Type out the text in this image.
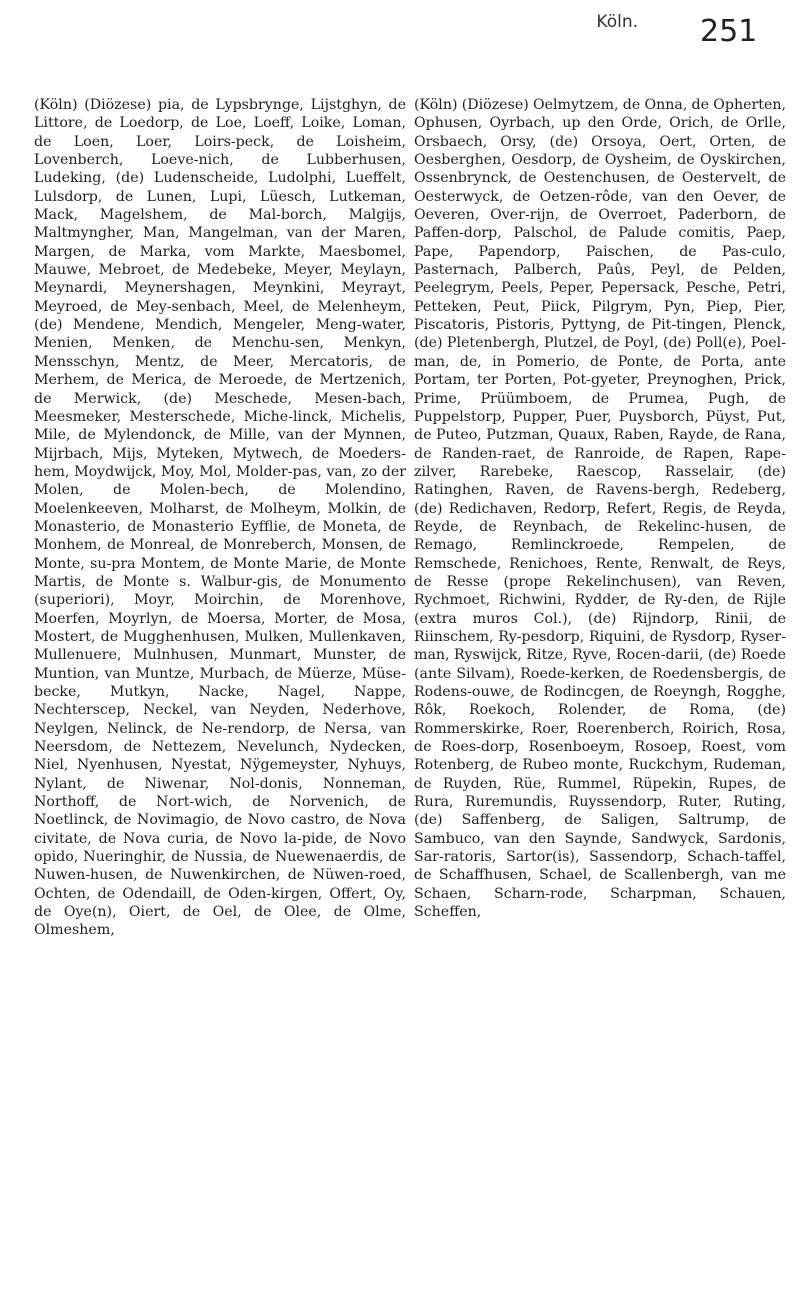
Köln. 251

(Köln) (Diözese) pia, de Lypsbrynge, Lijstghyn, de Littore, de Loedorp, de Loe, Loeff, Loike, Loman, de Loen, Loer, Loirs-peck, de Loisheim, Lovenberch, Loeve-nich, de Lubberhusen, Ludeking, (de) Ludenscheide, Ludolphi, Lueffelt, Lulsdorp, de Lunen, Lupi, Lüesch, Lutkeman, Mack, Magelshem, de Mal-borch, Malgijs, Maltmyngher, Man, Mangelman, van der Maren, Margen, de Marka, vom Markte, Maesbomel, Mauwe, Mebroet, de Medebeke, Meyer, Meylayn, Meynardi, Meynershagen, Meynkini, Meyrayt, Meyroed, de Mey-senbach, Meel, de Melenheym, (de) Mendene, Mendich, Mengeler, Meng-water, Menien, Menken, de Menchu-sen, Menkyn, Mensschyn, Mentz, de Meer, Mercatoris, de Merhem, de Merica, de Meroede, de Mertzenich, de Merwick, (de) Meschede, Mesen-bach, Meesmeker, Mesterschede, Miche-linck, Michelis, Mile, de Mylendonck, de Mille, van der Mynnen, Mijrbach, Mijs, Myteken, Mytwech, de Moeders-hem, Moydwijck, Moy, Mol, Molder-pas, van, zo der Molen, de Molen-bech, de Molendino, Moelenkeeven, Molharst, de Molheym, Molkin, de Monasterio, de Monasterio Eyfflie, de Moneta, de Monhem, de Monreal, de Monreberch, Monsen, de Monte, su-pra Montem, de Monte Marie, de Monte Martis, de Monte s. Walbur-gis, de Monumento (superiori), Moyr, Moirchin, de Morenhove, Moerfen, Moyrlyn, de Moersa, Morter, de Mosa, Mostert, de Mugghenhusen, Mulken, Mullenkaven, Mullenuere, Mulnhusen, Munmart, Munster, de Muntion, van Muntze, Murbach, de Müerze, Müse-becke, Mutkyn, Nacke, Nagel, Nappe, Nechterscep, Neckel, van Neyden, Nederhove, Neylgen, Nelinck, de Ne-rendorp, de Nersa, van Neersdom, de Nettezem, Nevelunch, Nydecken, Niel, Nyenhusen, Nyestat, Nÿgemeyster, Nyhuys, Nylant, de Niwenar, Nol-donis, Nonneman, Northoff, de Nort-wich, de Norvenich, de Noetlinck, de Novimagio, de Novo castro, de Nova civitate, de Nova curia, de Novo la-pide, de Novo opido, Nueringhir, de Nussia, de Nuewenaerdis, de Nuwen-husen, de Nuwenkirchen, de Nüwen-roed, Ochten, de Odendaill, de Oden-kirgen, Offert, Oy, de Oye(n), Oiert, de Oel, de Olee, de Olme, Olmeshem,

(Köln) (Diözese) Oelmytzem, de Onna, de Opherten, Ophusen, Oyrbach, up den Orde, Orich, de Orlle, Orsbaech, Orsy, (de) Orsoya, Oert, Orten, de Oesberghen, Oesdorp, de Oysheim, de Oyskirchen, Ossenbrynck, de Oestenchusen, de Oestervelt, de Oesterwyck, de Oetzen-rôde, van den Oever, de Oeveren, Over-rijn, de Overroet, Paderborn, de Paffen-dorp, Palschol, de Palude comitis, Paep, Pape, Papendorp, Paischen, de Pas-culo, Pasternach, Palberch, Paûs, Peyl, de Pelden, Peelegrym, Peels, Peper, Pepersack, Pesche, Petri, Petteken, Peut, Piick, Pilgrym, Pyn, Piep, Pier, Piscatoris, Pistoris, Pyttyng, de Pit-tingen, Plenck, (de) Pletenbergh, Plutzel, de Poyl, (de) Poll(e), Poel-man, de, in Pomerio, de Ponte, de Porta, ante Portam, ter Porten, Pot-gyeter, Preynoghen, Prick, Prime, Prüümboem, de Prumea, Pugh, de Puppelstorp, Pupper, Puer, Puysborch, Püyst, Put, de Puteo, Putzman, Quaux, Raben, Rayde, de Rana, de Randen-raet, de Ranroide, de Rapen, Rape-zilver, Rarebeke, Raescop, Rasselair, (de) Ratinghen, Raven, de Ravens-bergh, Redeberg, (de) Redichaven, Redorp, Refert, Regis, de Reyda, Reyde, de Reynbach, de Rekelinc-husen, de Remago, Remlinckroede, Rempelen, de Remschede, Renichoes, Rente, Renwalt, de Reys, de Resse (prope Rekelinchusen), van Reven, Rychmoet, Richwini, Rydder, de Ry-den, de Rijle (extra muros Col.), (de) Rijndorp, Rinii, de Riinschem, Ry-pesdorp, Riquini, de Rysdorp, Ryser-man, Ryswijck, Ritze, Ryve, Rocen-darii, (de) Roede (ante Silvam), Roede-kerken, de Roedensbergis, de Rodens-ouwe, de Rodincgen, de Roeyngh, Rogghe, Rôk, Roekoch, Rolender, de Roma, (de) Rommerskirke, Roer, Roerenberch, Roirich, Rosa, de Roes-dorp, Rosenboeym, Rosoep, Roest, vom Rotenberg, de Rubeo monte, Ruckchym, Rudeman, de Ruyden, Rüe, Rummel, Rüpekin, Rupes, de Rura, Ruremundis, Ruyssendorp, Ruter, Ruting, (de) Saffenberg, de Saligen, Saltrump, de Sambuco, van den Saynde, Sandwyck, Sardonis, Sar-ratoris, Sartor(is), Sassendorp, Schach-taffel, de Schaffhusen, Schael, de Scallenbergh, van me Schaen, Scharn-rode, Scharpman, Schauen, Scheffen,
